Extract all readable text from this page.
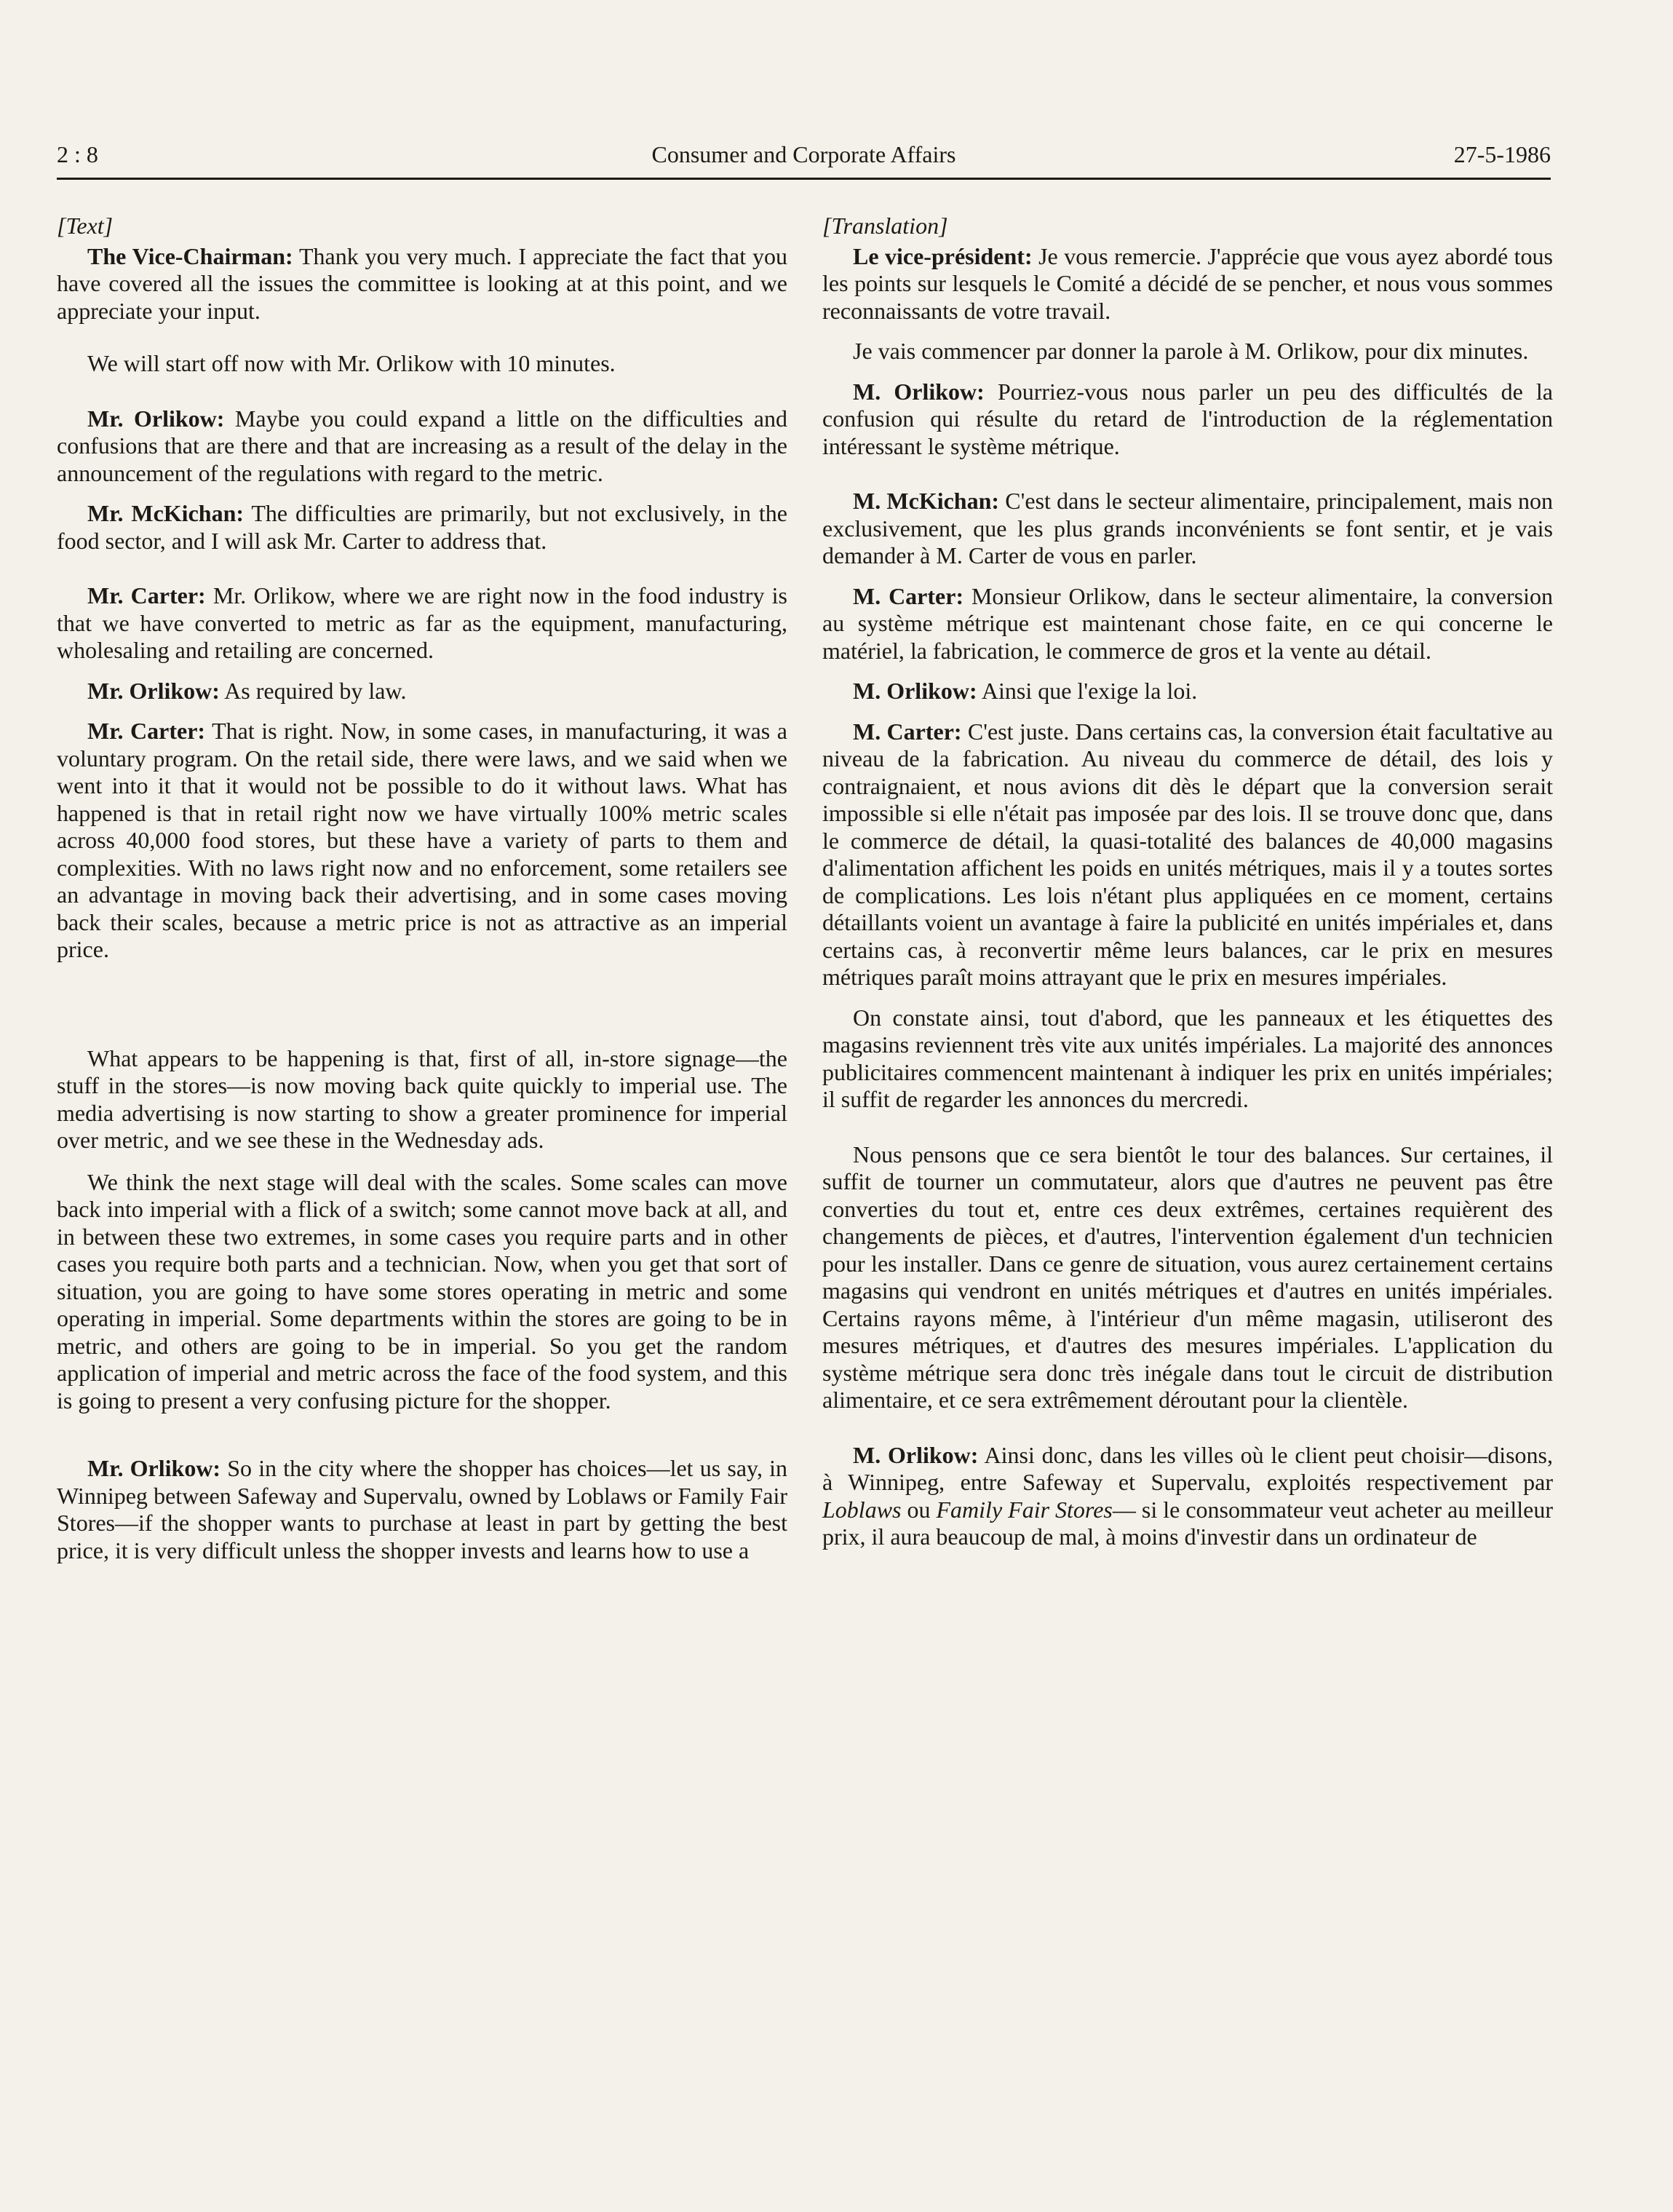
2 : 8	Consumer and Corporate Affairs	27-5-1986

[Text]

The Vice-Chairman: Thank you very much. I appreciate the fact that you have covered all the issues the committee is looking at at this point, and we appreciate your input.

We will start off now with Mr. Orlikow with 10 minutes.

Mr. Orlikow: Maybe you could expand a little on the difficulties and confusions that are there and that are increasing as a result of the delay in the announcement of the regulations with regard to the metric.

Mr. McKichan: The difficulties are primarily, but not exclusively, in the food sector, and I will ask Mr. Carter to address that.

Mr. Carter: Mr. Orlikow, where we are right now in the food industry is that we have converted to metric as far as the equipment, manufacturing, wholesaling and retailing are concerned.

Mr. Orlikow: As required by law.

Mr. Carter: That is right. Now, in some cases, in manufacturing, it was a voluntary program. On the retail side, there were laws, and we said when we went into it that it would not be possible to do it without laws. What has happened is that in retail right now we have virtually 100% metric scales across 40,000 food stores, but these have a variety of parts to them and complexities. With no laws right now and no enforcement, some retailers see an advantage in moving back their advertising, and in some cases moving back their scales, because a metric price is not as attractive as an imperial price.

What appears to be happening is that, first of all, in-store signage—the stuff in the stores—is now moving back quite quickly to imperial use. The media advertising is now starting to show a greater prominence for imperial over metric, and we see these in the Wednesday ads.

We think the next stage will deal with the scales. Some scales can move back into imperial with a flick of a switch; some cannot move back at all, and in between these two extremes, in some cases you require parts and in other cases you require both parts and a technician. Now, when you get that sort of situation, you are going to have some stores operating in metric and some operating in imperial. Some departments within the stores are going to be in metric, and others are going to be in imperial. So you get the random application of imperial and metric across the face of the food system, and this is going to present a very confusing picture for the shopper.

Mr. Orlikow: So in the city where the shopper has choices—let us say, in Winnipeg between Safeway and Supervalu, owned by Loblaws or Family Fair Stores—if the shopper wants to purchase at least in part by getting the best price, it is very difficult unless the shopper invests and learns how to use a

[Translation]

Le vice-président: Je vous remercie. J'apprécie que vous ayez abordé tous les points sur lesquels le Comité a décidé de se pencher, et nous vous sommes reconnaissants de votre travail.

Je vais commencer par donner la parole à M. Orlikow, pour dix minutes.

M. Orlikow: Pourriez-vous nous parler un peu des difficultés de la confusion qui résulte du retard de l'introduction de la réglementation intéressant le système métrique.

M. McKichan: C'est dans le secteur alimentaire, principalement, mais non exclusivement, que les plus grands inconvénients se font sentir, et je vais demander à M. Carter de vous en parler.

M. Carter: Monsieur Orlikow, dans le secteur alimentaire, la conversion au système métrique est maintenant chose faite, en ce qui concerne le matériel, la fabrication, le commerce de gros et la vente au détail.

M. Orlikow: Ainsi que l'exige la loi.

M. Carter: C'est juste. Dans certains cas, la conversion était facultative au niveau de la fabrication. Au niveau du commerce de détail, des lois y contraignaient, et nous avions dit dès le départ que la conversion serait impossible si elle n'était pas imposée par des lois. Il se trouve donc que, dans le commerce de détail, la quasi-totalité des balances de 40,000 magasins d'alimentation affichent les poids en unités métriques, mais il y a toutes sortes de complications. Les lois n'étant plus appliquées en ce moment, certains détaillants voient un avantage à faire la publicité en unités impériales et, dans certains cas, à reconvertir même leurs balances, car le prix en mesures métriques paraît moins attrayant que le prix en mesures impériales.

On constate ainsi, tout d'abord, que les panneaux et les étiquettes des magasins reviennent très vite aux unités impériales. La majorité des annonces publicitaires commencent maintenant à indiquer les prix en unités impériales; il suffit de regarder les annonces du mercredi.

Nous pensons que ce sera bientôt le tour des balances. Sur certaines, il suffit de tourner un commutateur, alors que d'autres ne peuvent pas être converties du tout et, entre ces deux extrêmes, certaines requièrent des changements de pièces, et d'autres, l'intervention également d'un technicien pour les installer. Dans ce genre de situation, vous aurez certainement certains magasins qui vendront en unités métriques et d'autres en unités impériales. Certains rayons même, à l'intérieur d'un même magasin, utiliseront des mesures métriques, et d'autres des mesures impériales. L'application du système métrique sera donc très inégale dans tout le circuit de distribution alimentaire, et ce sera extrêmement déroutant pour la clientèle.

M. Orlikow: Ainsi donc, dans les villes où le client peut choisir—disons, à Winnipeg, entre Safeway et Supervalu, exploités respectivement par Loblaws ou Family Fair Stores— si le consommateur veut acheter au meilleur prix, il aura beaucoup de mal, à moins d'investir dans un ordinateur de
